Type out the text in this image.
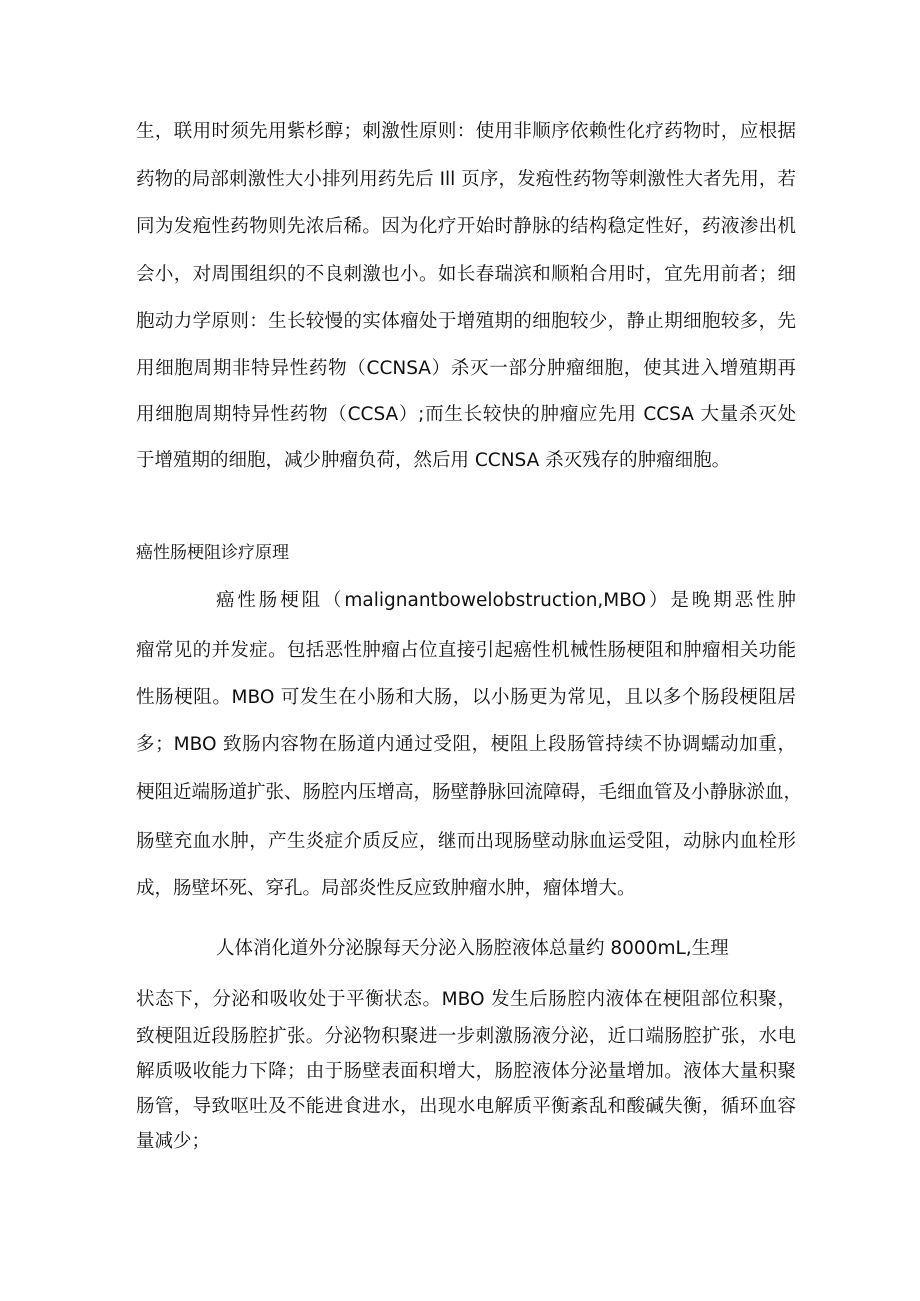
生，联用时须先用紫杉醇；刺激性原则：使用非顺序依赖性化疗药物时，应根据
药物的局部刺激性大小排列用药先后 Ill 页序，发疱性药物等刺激性大者先用，若
同为发疱性药物则先浓后稀。因为化疗开始时静脉的结构稳定性好，药液渗出机
会小，对周围组织的不良刺激也小。如长春瑞滨和顺粕合用时，宜先用前者；细
胞动力学原则：生长较慢的实体瘤处于增殖期的细胞较少，静止期细胞较多，先
用细胞周期非特异性药物（CCNSA）杀灭一部分肿瘤细胞，使其进入增殖期再
用细胞周期特异性药物（CCSA）;而生长较快的肿瘤应先用 CCSA 大量杀灭处
于增殖期的细胞，减少肿瘤负荷，然后用 CCNSA 杀灭残存的肿瘤细胞。
癌性肠梗阻诊疗原理
癌性肠梗阻（malignantbowelobstruction,MBO）是晚期恶性肿
瘤常见的并发症。包括恶性肿瘤占位直接引起癌性机械性肠梗阻和肿瘤相关功能
性肠梗阻。MBO 可发生在小肠和大肠，以小肠更为常见，且以多个肠段梗阻居
多；MBO 致肠内容物在肠道内通过受阻，梗阻上段肠管持续不协调蠕动加重，
梗阻近端肠道扩张、肠腔内压增高，肠壁静脉回流障碍，毛细血管及小静脉淤血，
肠壁充血水肿，产生炎症介质反应，继而出现肠壁动脉血运受阻，动脉内血栓形
成，肠壁坏死、穿孔。局部炎性反应致肿瘤水肿，瘤体增大。
人体消化道外分泌腺每天分泌入肠腔液体总量约 8000mL,生理
状态下，分泌和吸收处于平衡状态。MBO 发生后肠腔内液体在梗阻部位积聚，
致梗阻近段肠腔扩张。分泌物积聚进一步刺激肠液分泌，近口端肠腔扩张，水电
解质吸收能力下降；由于肠壁表面积增大，肠腔液体分泌量增加。液体大量积聚
肠管，导致呕吐及不能进食进水，出现水电解质平衡紊乱和酸碱失衡，循环血容
量减少；
